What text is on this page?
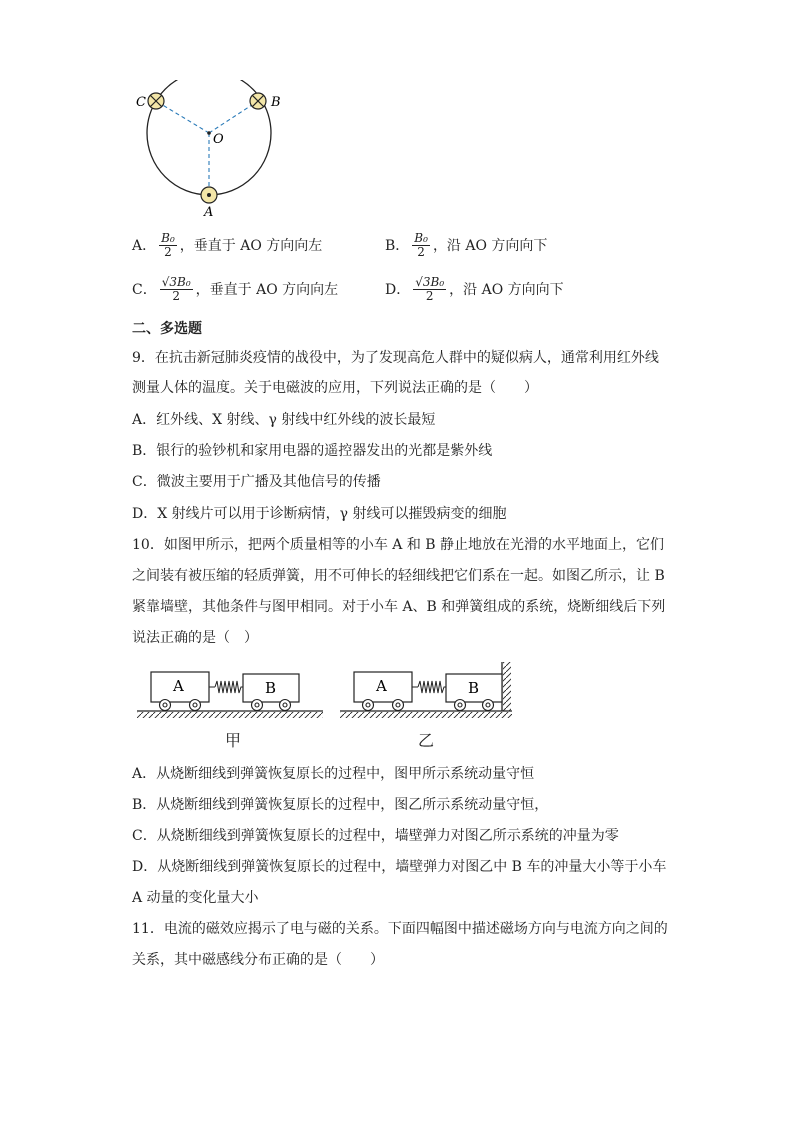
C	B
O
A
A． $\frac{\text{B₀}}{2}$ ，垂直于 AO 方向向左	B． $\frac{\text{B₀}}{2}$ ，沿 AO 方向向下
C． $\frac{\text{√3B₀}}{2}$ ，垂直于 AO 方向向左	D． $\frac{\text{√3B₀}}{2}$ ，沿 AO 方向向下
二、多选题
9．在抗击新冠肺炎疫情的战役中，为了发现高危人群中的疑似病人，通常利用红外线
测量人体的温度。关于电磁波的应用，下列说法正确的是（　　）
A．红外线、X 射线、γ 射线中红外线的波长最短
B．银行的验钞机和家用电器的遥控器发出的光都是紫外线
C．微波主要用于广播及其他信号的传播
D．X 射线片可以用于诊断病情，γ 射线可以摧毁病变的细胞
10．如图甲所示，把两个质量相等的小车 A 和 B 静止地放在光滑的水平地面上，它们
之间装有被压缩的轻质弹簧，用不可伸长的轻细线把它们系在一起。如图乙所示，让 B
紧靠墙壁，其他条件与图甲相同。对于小车 A、B 和弹簧组成的系统，烧断细线后下列
说法正确的是（　）
A	B
甲
A	B
乙
A．从烧断细线到弹簧恢复原长的过程中，图甲所示系统动量守恒
B．从烧断细线到弹簧恢复原长的过程中，图乙所示系统动量守恒，
C．从烧断细线到弹簧恢复原长的过程中，墙壁弹力对图乙所示系统的冲量为零
D．从烧断细线到弹簧恢复原长的过程中，墙壁弹力对图乙中 B 车的冲量大小等于小车
A 动量的变化量大小
11．电流的磁效应揭示了电与磁的关系。下面四幅图中描述磁场方向与电流方向之间的
关系，其中磁感线分布正确的是（　　）
